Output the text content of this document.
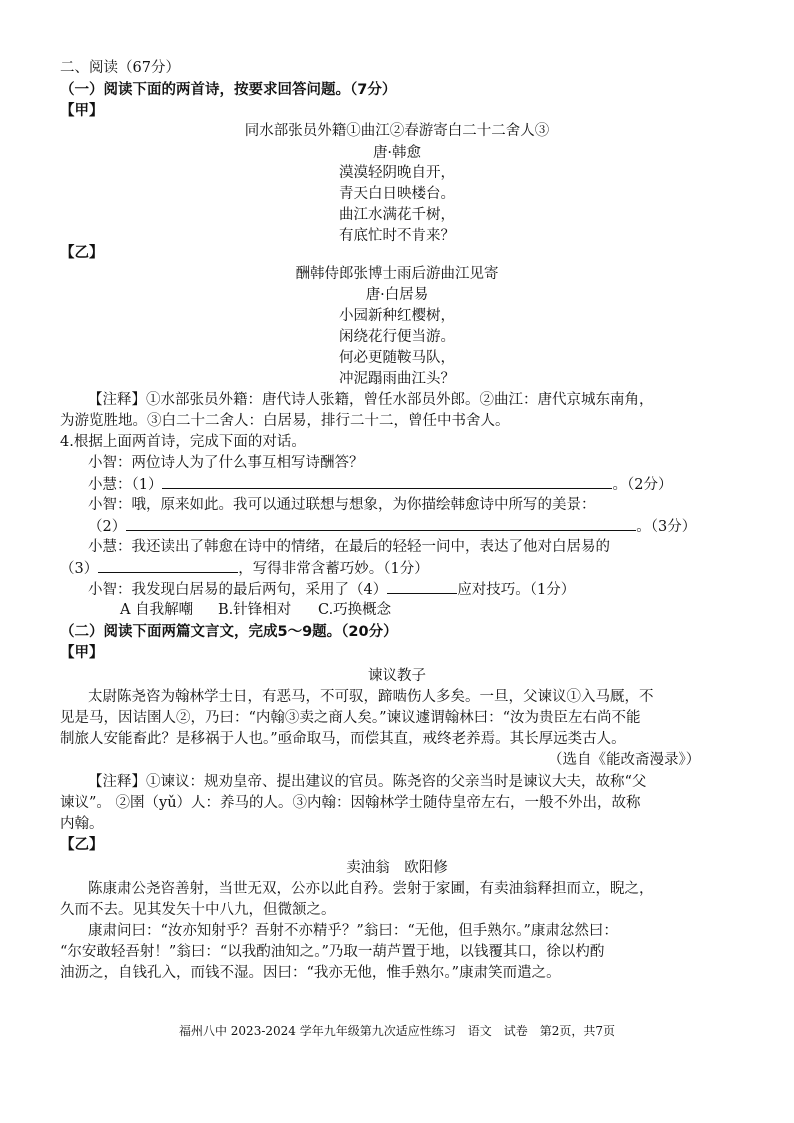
二、阅读（67分）
（一）阅读下面的两首诗，按要求回答问题。（7分）
【甲】
同水部张员外籍①曲江②春游寄白二十二舍人③
唐·韩愈
漠漠轻阴晚自开，
青天白日映楼台。
曲江水满花千树，
有底忙时不肯来？
【乙】
酬韩侍郎张博士雨后游曲江见寄
唐·白居易
小园新种红樱树，
闲绕花行便当游。
何必更随鞍马队，
冲泥蹋雨曲江头？
【注释】①水部张员外籍：唐代诗人张籍，曾任水部员外郎。②曲江：唐代京城东南角，
为游览胜地。③白二十二舍人：白居易，排行二十二，曾任中书舍人。
4.根据上面两首诗，完成下面的对话。
小智：两位诗人为了什么事互相写诗酬答？
小慧：（1）	。（2分）
小智：哦，原来如此。我可以通过联想与想象，为你描绘韩愈诗中所写的美景：
（2）	。（3分）
小慧：我还读出了韩愈在诗中的情绪，在最后的轻轻一问中，表达了他对白居易的
（3）	，写得非常含蓄巧妙。（1分）
小智：我发现白居易的最后两句，采用了（4）	应对技巧。（1分）
A 自我解嘲 B.针锋相对 C.巧换概念
（二）阅读下面两篇文言文，完成5～9题。（20分）
【甲】
谏议教子
太尉陈尧咨为翰林学士日，有恶马，不可驭，蹄啮伤人多矣。一旦，父谏议①入马厩，不
见是马，因诘圉人②，乃曰：“内翰③卖之商人矣。”谏议遽谓翰林曰：“汝为贵臣左右尚不能
制旅人安能畜此？是移祸于人也。”亟命取马，而偿其直，戒终老养焉。其长厚远类古人。
（选自《能改斋漫录》）
【注释】①谏议：规劝皇帝、提出建议的官员。陈尧咨的父亲当时是谏议大夫，故称“父
谏议”。 ②圉（yǔ）人：养马的人。③内翰：因翰林学士随侍皇帝左右，一般不外出，故称
内翰。
【乙】
卖油翁　欧阳修
陈康肃公尧咨善射，当世无双，公亦以此自矜。尝射于家圃，有卖油翁释担而立，睨之，
久而不去。见其发矢十中八九，但微颔之。
康肃问曰：“汝亦知射乎？吾射不亦精乎？”翁曰：“无他，但手熟尔。”康肃忿然曰：
“尔安敢轻吾射！”翁曰：“以我酌油知之。”乃取一葫芦置于地，以钱覆其口，徐以杓酌
油沥之，自钱孔入，而钱不湿。因曰：“我亦无他，惟手熟尔。”康肃笑而遣之。
福州八中 2023-2024 学年九年级第九次适应性练习　语文　试卷　第2页，共7页
